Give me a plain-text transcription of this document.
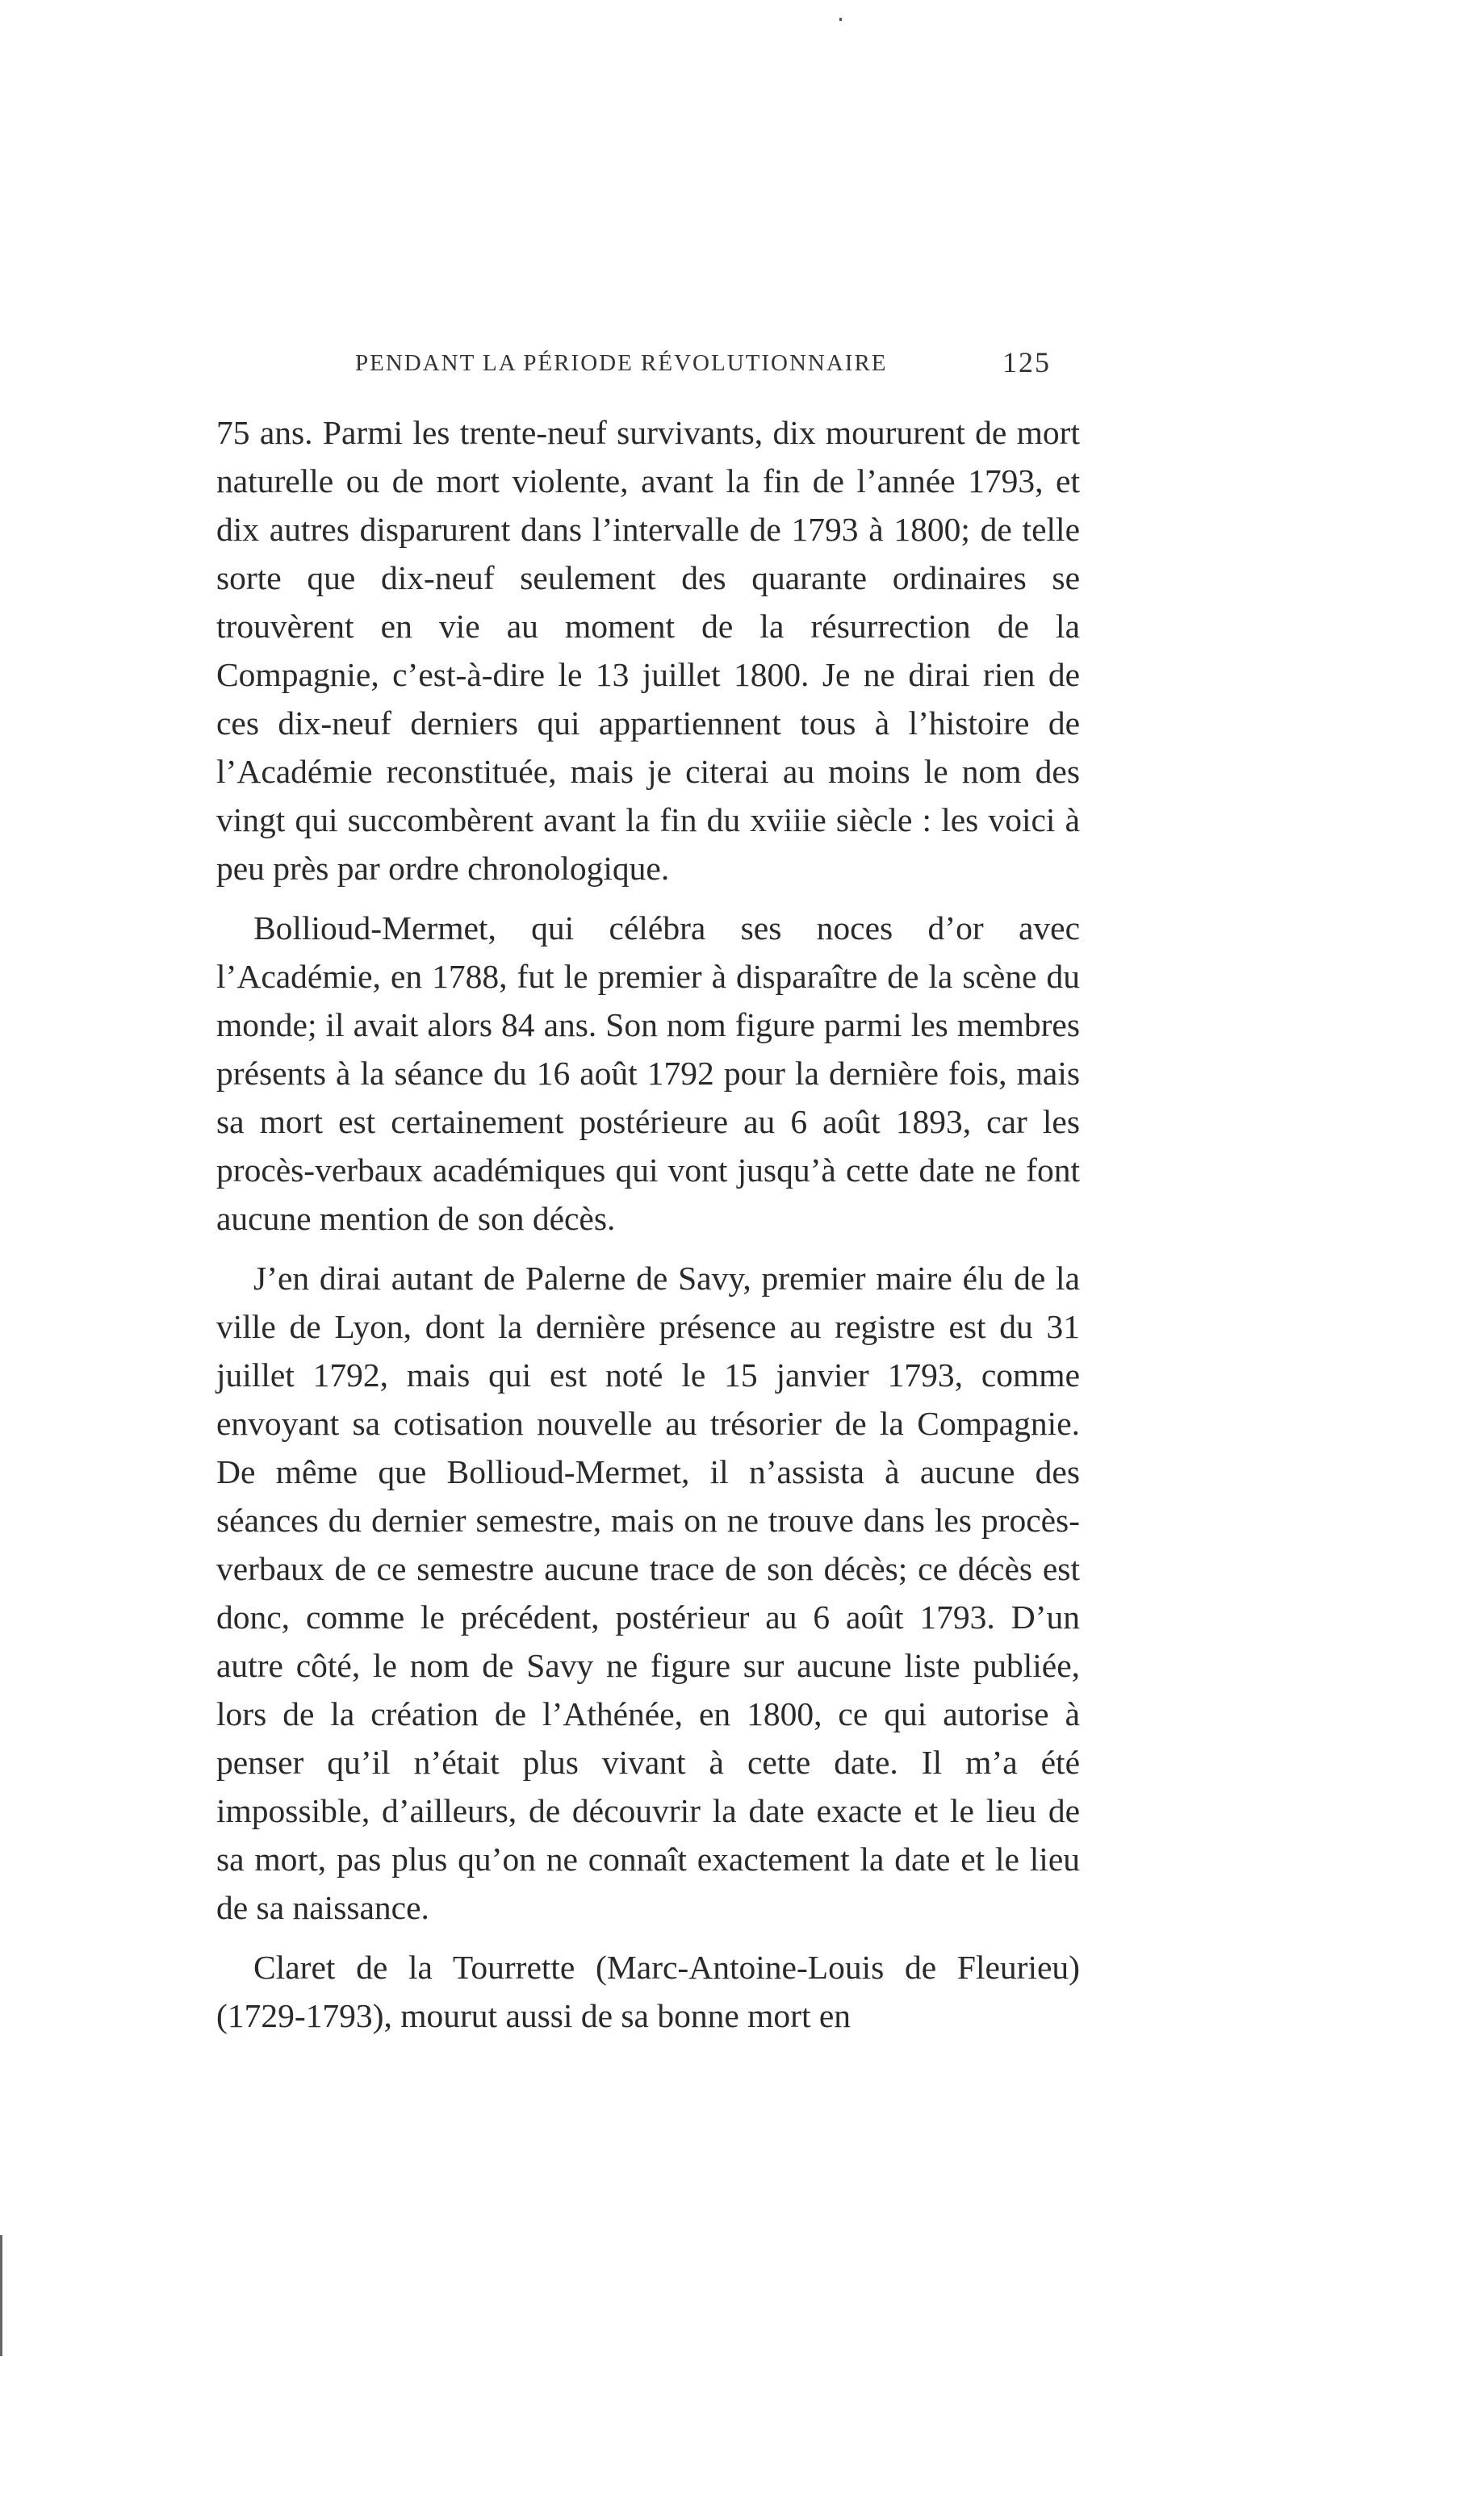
PENDANT LA PÉRIODE RÉVOLUTIONNAIRE	125

75 ans. Parmi les trente-neuf survivants, dix moururent de mort naturelle ou de mort violente, avant la fin de l’année 1793, et dix autres disparurent dans l’intervalle de 1793 à 1800; de telle sorte que dix-neuf seulement des quarante ordinaires se trouvèrent en vie au moment de la résurrection de la Compagnie, c’est-à-dire le 13 juillet 1800. Je ne dirai rien de ces dix-neuf derniers qui appartiennent tous à l’histoire de l’Académie reconstituée, mais je citerai au moins le nom des vingt qui succombèrent avant la fin du xviiie siècle : les voici à peu près par ordre chronologique.

Bollioud-Mermet, qui célébra ses noces d’or avec l’Académie, en 1788, fut le premier à disparaître de la scène du monde; il avait alors 84 ans. Son nom figure parmi les membres présents à la séance du 16 août 1792 pour la dernière fois, mais sa mort est certainement postérieure au 6 août 1893, car les procès-verbaux académiques qui vont jusqu’à cette date ne font aucune mention de son décès.

J’en dirai autant de Palerne de Savy, premier maire élu de la ville de Lyon, dont la dernière présence au registre est du 31 juillet 1792, mais qui est noté le 15 janvier 1793, comme envoyant sa cotisation nouvelle au trésorier de la Compagnie. De même que Bollioud-Mermet, il n’assista à aucune des séances du dernier semestre, mais on ne trouve dans les procès-verbaux de ce semestre aucune trace de son décès; ce décès est donc, comme le précédent, postérieur au 6 août 1793. D’un autre côté, le nom de Savy ne figure sur aucune liste publiée, lors de la création de l’Athénée, en 1800, ce qui autorise à penser qu’il n’était plus vivant à cette date. Il m’a été impossible, d’ailleurs, de découvrir la date exacte et le lieu de sa mort, pas plus qu’on ne connaît exactement la date et le lieu de sa naissance.

Claret de la Tourrette (Marc-Antoine-Louis de Fleurieu) (1729-1793), mourut aussi de sa bonne mort en
